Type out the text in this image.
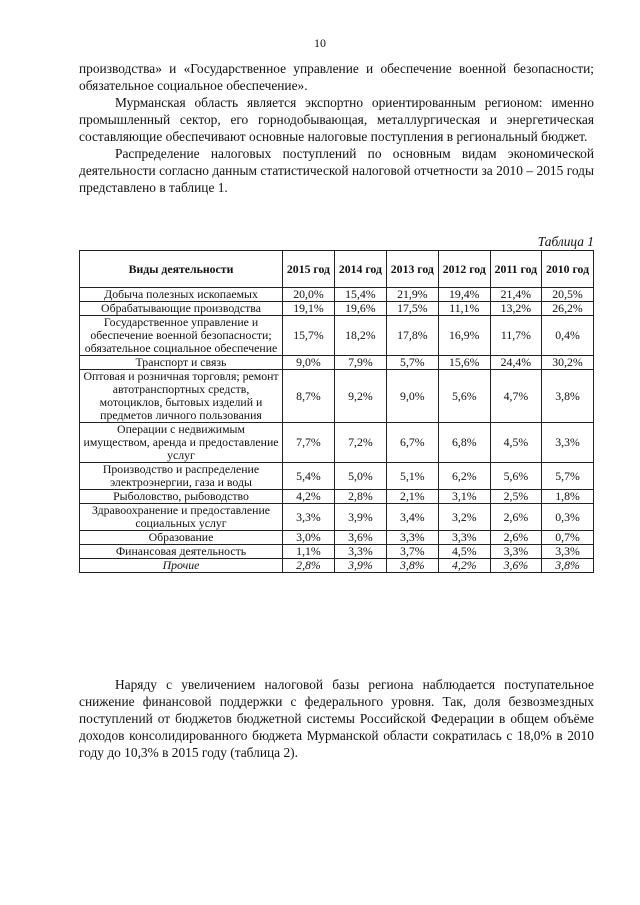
10

производства» и «Государственное управление и обеспечение военной безопасности; обязательное социальное обеспечение».

Мурманская область является экспортно ориентированным регионом: именно промышленный сектор, его горнодобывающая, металлургическая и энергетическая составляющие обеспечивают основные налоговые поступления в региональный бюджет.

Распределение налоговых поступлений по основным видам экономической деятельности согласно данным статистической налоговой отчетности за 2010 – 2015 годы представлено в таблице 1.

Таблица 1
Виды деятельности	2015 год	2014 год	2013 год	2012 год	2011 год	2010 год
Добыча полезных ископаемых	20,0%	15,4%	21,9%	19,4%	21,4%	20,5%
Обрабатывающие производства	19,1%	19,6%	17,5%	11,1%	13,2%	26,2%
Государственное управление и обеспечение военной безопасности; обязательное социальное обеспечение	15,7%	18,2%	17,8%	16,9%	11,7%	0,4%
Транспорт и связь	9,0%	7,9%	5,7%	15,6%	24,4%	30,2%
Оптовая и розничная торговля; ремонт автотранспортных средств, мотоциклов, бытовых изделий и предметов личного пользования	8,7%	9,2%	9,0%	5,6%	4,7%	3,8%
Операции с недвижимым имуществом, аренда и предоставление услуг	7,7%	7,2%	6,7%	6,8%	4,5%	3,3%
Производство и распределение электроэнергии, газа и воды	5,4%	5,0%	5,1%	6,2%	5,6%	5,7%
Рыболовство, рыбоводство	4,2%	2,8%	2,1%	3,1%	2,5%	1,8%
Здравоохранение и предоставление социальных услуг	3,3%	3,9%	3,4%	3,2%	2,6%	0,3%
Образование	3,0%	3,6%	3,3%	3,3%	2,6%	0,7%
Финансовая деятельность	1,1%	3,3%	3,7%	4,5%	3,3%	3,3%
Прочие	2,8%	3,9%	3,8%	4,2%	3,6%	3,8%

Наряду с увеличением налоговой базы региона наблюдается поступательное снижение финансовой поддержки с федерального уровня. Так, доля безвозмездных поступлений от бюджетов бюджетной системы Российской Федерации в общем объёме доходов консолидированного бюджета Мурманской области сократилась с 18,0% в 2010 году до 10,3% в 2015 году (таблица 2).
